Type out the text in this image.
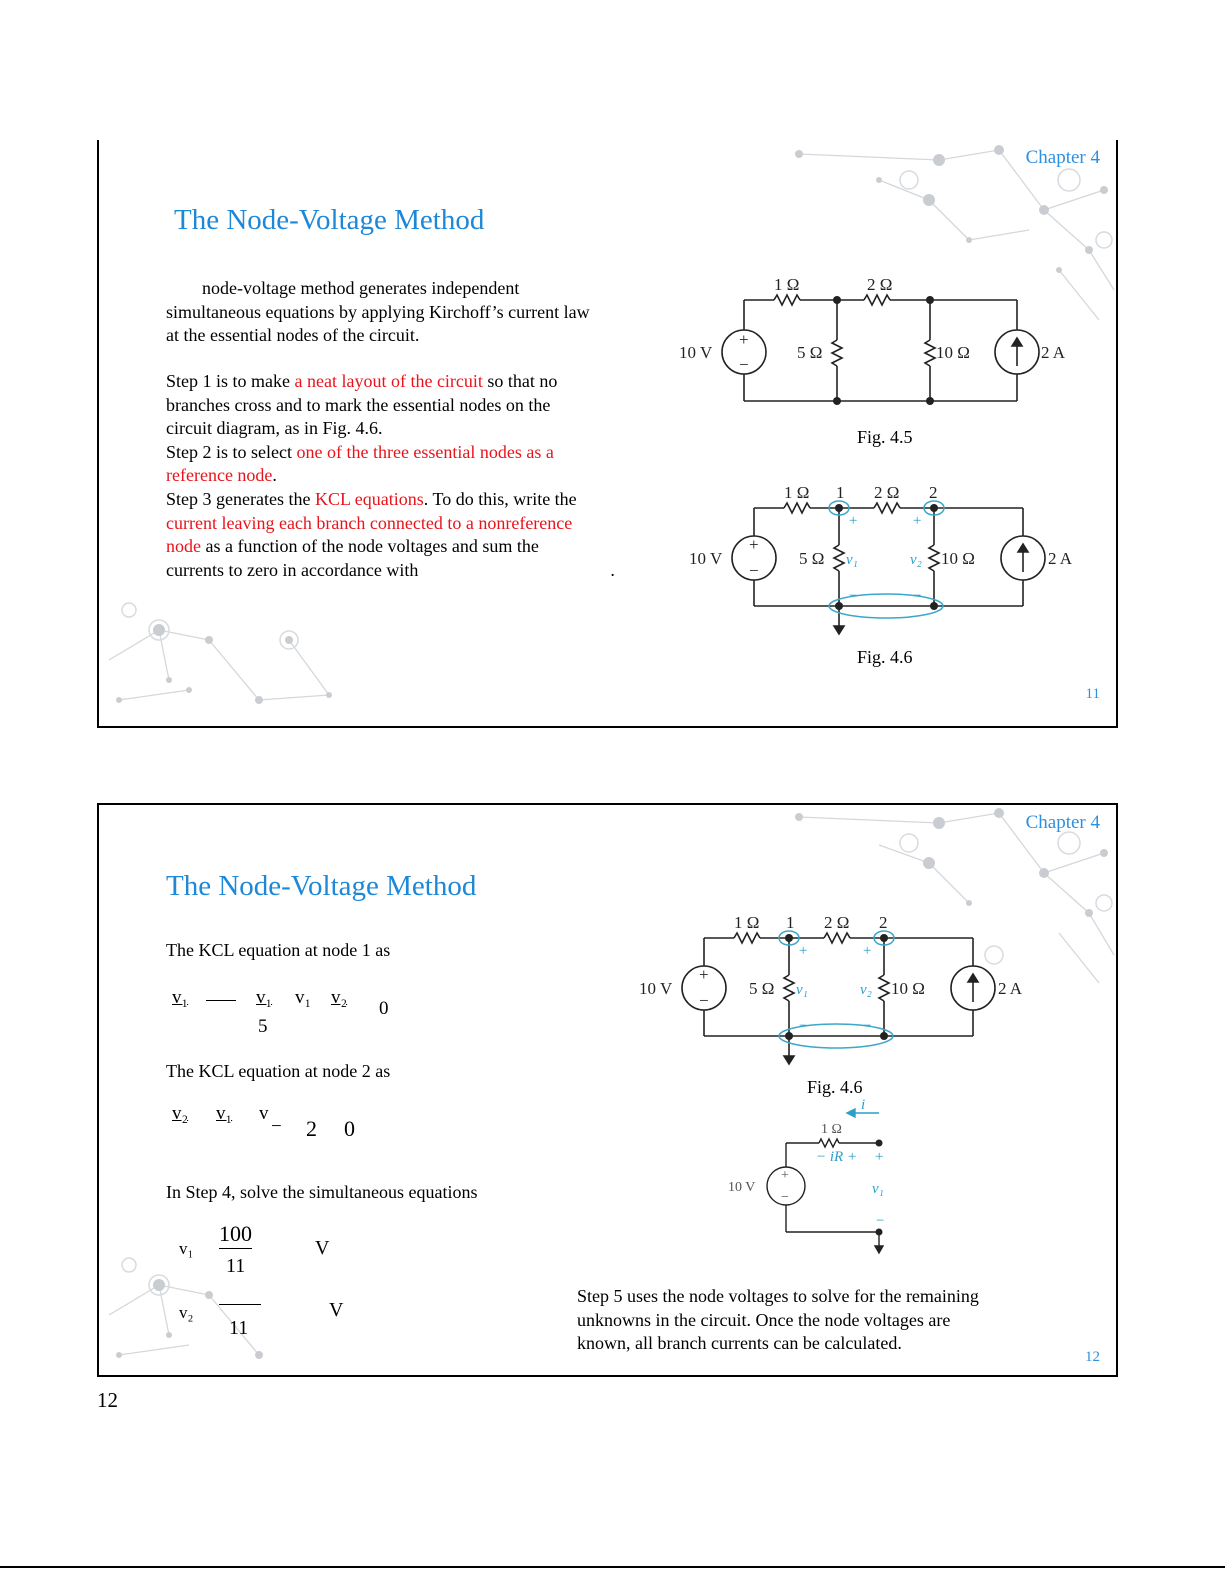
Chapter 4
The Node-Voltage Method
node-voltage method generates independent
simultaneous equations by applying Kirchoff’s current law
at the essential nodes of the circuit.
Step 1 is to make a neat layout of the circuit so that no
branches cross and to mark the essential nodes on the
circuit diagram, as in Fig. 4.6.
Step 2 is to select one of the three essential nodes as a
reference node.
Step 3 generates the KCL equations. To do this, write the
current leaving each branch connected to a nonreference
node as a function of the node voltages and sum the
currents to zero in accordance with	.
1 Ω	2 Ω
10 V	5 Ω	10 Ω	2 A
+
−
Fig. 4.5
1 Ω 1 2 Ω 2
10 V	5 Ω	10 Ω	2 A
+
−
v₁	v₂
+	+
−	−
Fig. 4.6
11
Chapter 4
The Node-Voltage Method
The KCL equation at node 1 as
v₁	v₁
5
v₁ v₂
0
The KCL equation at node 2 as
v₂ v₁ v
− 2 0
In Step 4, solve the simultaneous equations
v₁
100
11
V
v₂
11
V
1 Ω 1 2 Ω 2
10 V	5 Ω	10 Ω	2 A
+
−
v₁	v₂
+	+
−	−
Fig. 4.6
1 Ω
10 V
+
−
i
− iR + +
v₁
−
Step 5 uses the node voltages to solve for the remaining
unknowns in the circuit. Once the node voltages are
known, all branch currents can be calculated.
12
12
